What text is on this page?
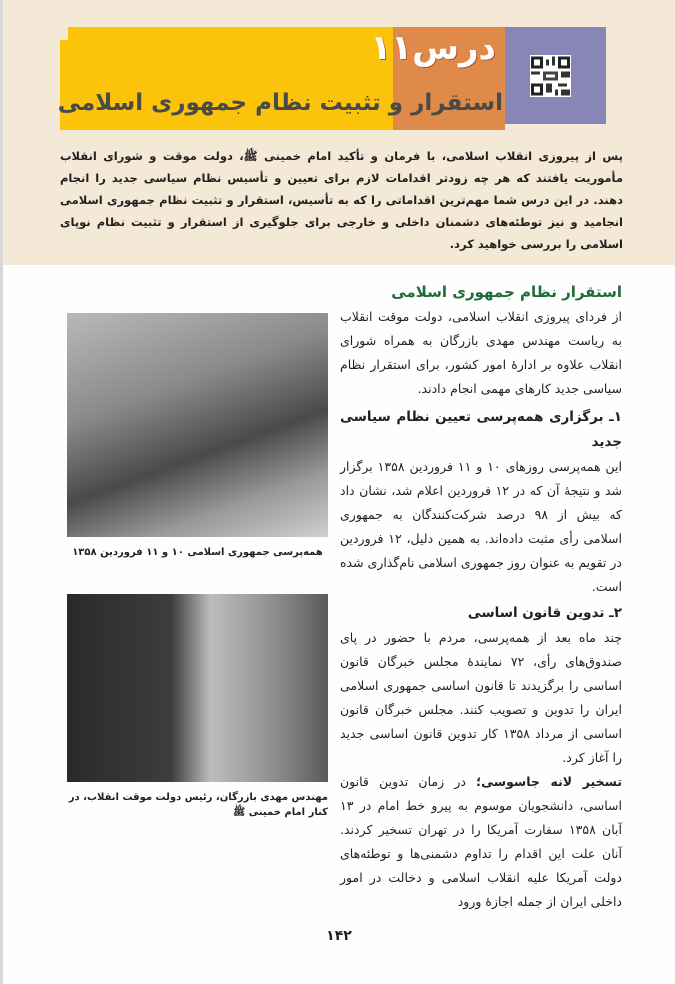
درس۱۱
استقرار و تثبیت نظام جمهوری اسلامی
پس از پیروزی انقلاب اسلامی، با فرمان و تأکید امام خمینی ﷺ، دولت موقت و شورای انقلاب مأموریت یافتند که هر چه زودتر اقدامات لازم برای تعیین و تأسیس نظام سیاسی جدید را انجام دهند. در این درس شما مهم‌ترین اقداماتی را که به تأسیس، استقرار و تثبیت نظام جمهوری اسلامی انجامید و نیز توطئه‌های دشمنان داخلی و خارجی برای جلوگیری از استقرار و تثبیت نظام نوپای اسلامی را بررسی خواهید کرد.
همه‌پرسی جمهوری اسلامی ۱۰ و ۱۱ فروردین ۱۳۵۸
مهندس مهدی بازرگان، رئیس دولت موقت انقلاب، در کنار امام خمینی ﷺ
استقرار نظام جمهوری اسلامی

از فردای پیروزی انقلاب اسلامی، دولت موقت انقلاب به ریاست مهندس مهدی بازرگان به همراه شورای انقلاب علاوه بر ادارهٔ امور کشور، برای استقرار نظام سیاسی جدید کارهای مهمی انجام دادند.

۱ـ برگزاری همه‌پرسی تعیین نظام سیاسی جدید

این همه‌پرسی روزهای ۱۰ و ۱۱ فروردین ۱۳۵۸ برگزار شد و نتیجهٔ آن که در ۱۲ فروردین اعلام شد، نشان داد که بیش از ۹۸ درصد شرکت‌کنندگان به جمهوری اسلامی رأی مثبت داده‌اند. به همین دلیل، ۱۲ فروردین در تقویم به عنوان روز جمهوری اسلامی نام‌گذاری شده است.

۲ـ تدوین قانون اساسی

چند ماه بعد از همه‌پرسی، مردم با حضور در پای صندوق‌های رأی، ۷۲ نمایندهٔ مجلس خبرگان قانون اساسی را برگزیدند تا قانون اساسی جمهوری اسلامی ایران را تدوین و تصویب کنند. مجلس خبرگان قانون اساسی از مرداد ۱۳۵۸ کار تدوین قانون اساسی جدید را آغاز کرد.

تسخیر لانه جاسوسی؛ در زمان تدوین قانون اساسی، دانشجویان موسوم به پیرو خط امام در ۱۳ آبان ۱۳۵۸ سفارت آمریکا را در تهران تسخیر کردند. آنان علت این اقدام را تداوم دشمنی‌ها و توطئه‌های دولت آمریکا علیه انقلاب اسلامی و دخالت در امور داخلی ایران از جمله اجازهٔ ورود

۱۴۲
